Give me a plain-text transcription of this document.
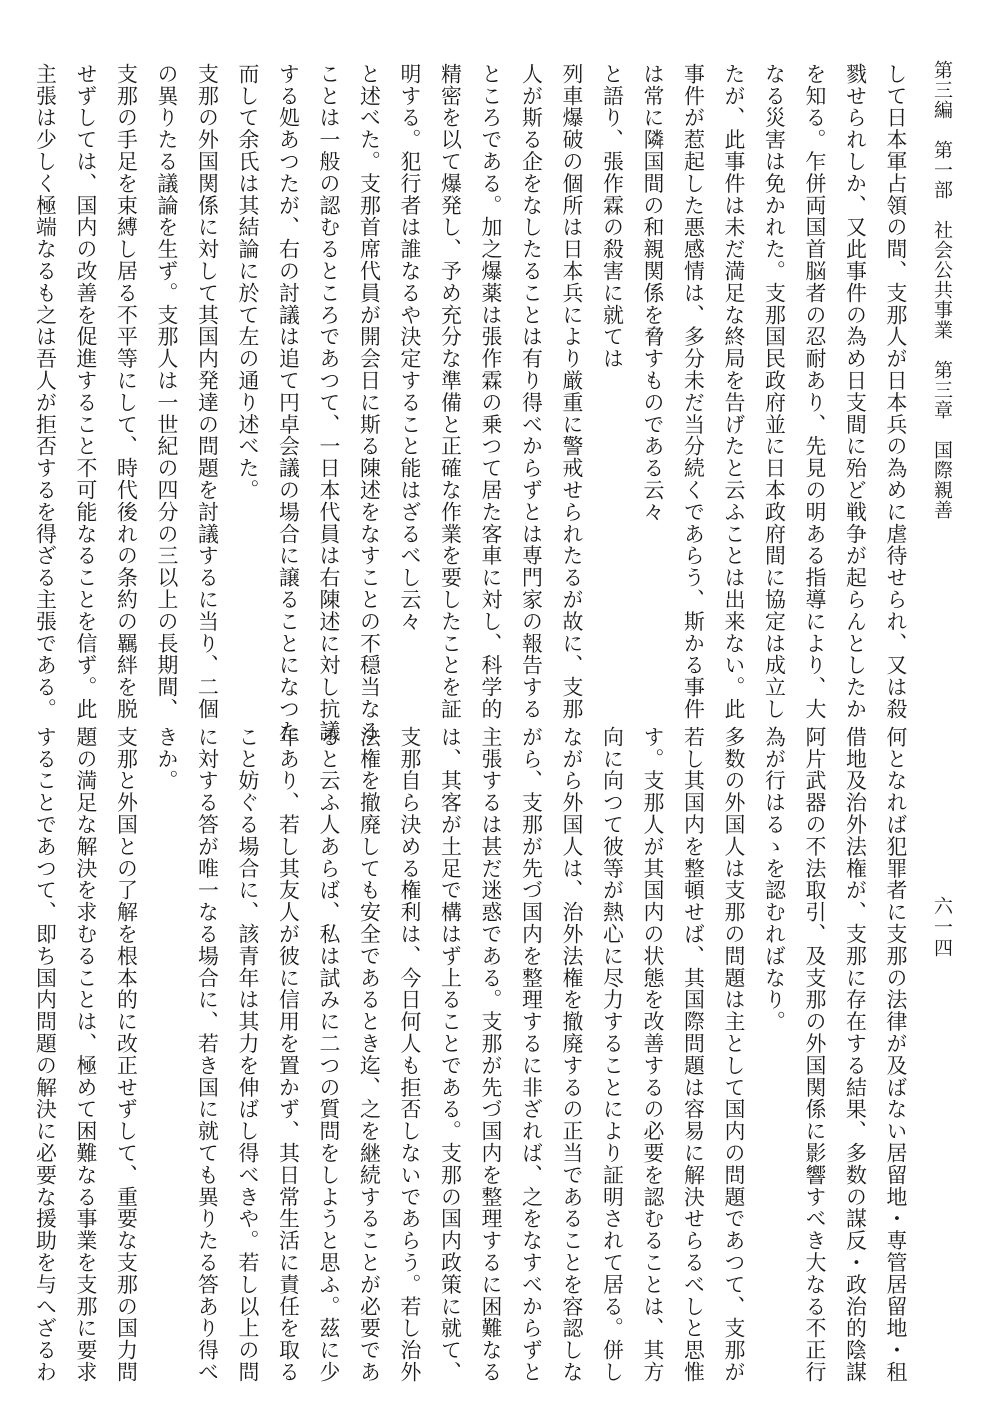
第三編　第一部　社会公共事業　第三章　国際親善
六一四
して日本軍占領の間、支那人が日本兵の為めに虐待せられ、又は殺
戮せられしか、又此事件の為め日支間に殆ど戦争が起らんとしたか
を知る。乍併両国首脳者の忍耐あり、先見の明ある指導により、大
なる災害は免かれた。支那国民政府並に日本政府間に協定は成立し
たが、此事件は未だ満足な終局を告げたと云ふことは出来ない。此
事件が惹起した悪感情は、多分未だ当分続くであらう、斯かる事件
は常に隣国間の和親関係を脅すものである云々
と語り、張作霖の殺害に就ては
列車爆破の個所は日本兵により厳重に警戒せられたるが故に、支那
人が斯る企をなしたることは有り得べからずとは専門家の報告する
ところである。加之爆薬は張作霖の乗つて居た客車に対し、科学的
精密を以て爆発し、予め充分な準備と正確な作業を要したことを証
明する。犯行者は誰なるや決定すること能はざるべし云々
と述べた。支那首席代員が開会日に斯る陳述をなすことの不穏当なる
ことは一般の認むるところであつて、一日本代員は右陳述に対し抗議
する処あつたが、右の討議は追て円卓会議の場合に譲ることになつた
而して余氏は其結論に於て左の通り述べた。
支那の外国関係に対して其国内発達の問題を討議するに当り、二個
の異りたる議論を生ず。支那人は一世紀の四分の三以上の長期間、
支那の手足を束縛し居る不平等にして、時代後れの条約の羈絆を脱
せずしては、国内の改善を促進すること不可能なることを信ず。此
主張は少しく極端なるも之は吾人が拒否するを得ざる主張である。
何となれば犯罪者に支那の法律が及ばない居留地・専管居留地・租
借地及治外法権が、支那に存在する結果、多数の謀反・政治的陰謀
阿片武器の不法取引、及支那の外国関係に影響すべき大なる不正行
為が行はるゝを認むればなり。
多数の外国人は支那の問題は主として国内の問題であつて、支那が
若し其国内を整頓せば、其国際問題は容易に解決せらるべしと思惟
す。支那人が其国内の状態を改善するの必要を認むることは、其方
向に向つて彼等が熱心に尽力することにより証明されて居る。併し
ながら外国人は、治外法権を撤廃するの正当であることを容認しな
がら、支那が先づ国内を整理するに非ざれば、之をなすべからずと
主張するは甚だ迷惑である。支那が先づ国内を整理するに困難なる
は、其客が土足で構はず上ることである。支那の国内政策に就て、
支那自ら決める権利は、今日何人も拒否しないであらう。若し治外
法権を撤廃しても安全であるとき迄、之を継続することが必要であ
ると云ふ人あらば、私は試みに二つの質問をしようと思ふ。茲に少
年あり、若し其友人が彼に信用を置かず、其日常生活に責任を取る
こと妨ぐる場合に、該青年は其力を伸ばし得べきや。若し以上の問
に対する答が唯一なる場合に、若き国に就ても異りたる答あり得べ
きか。
支那と外国との了解を根本的に改正せずして、重要な支那の国力問
題の満足な解決を求むることは、極めて困難なる事業を支那に要求
することであつて、即ち国内問題の解決に必要な援助を与へざるわ
